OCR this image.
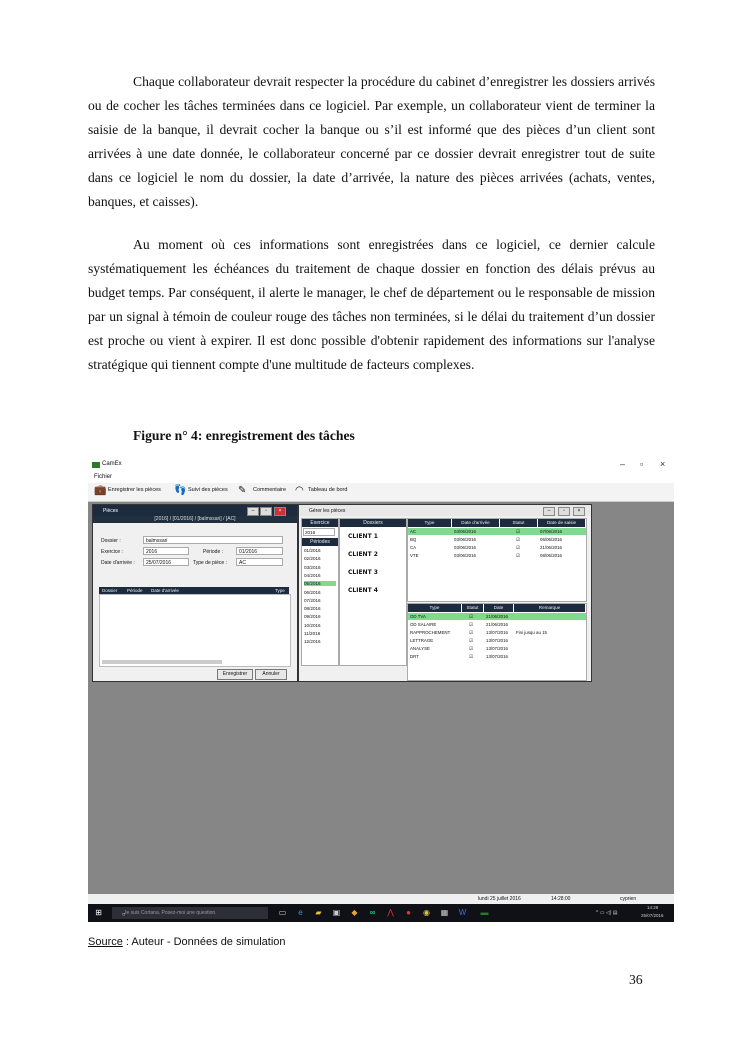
Chaque collaborateur devrait respecter la procédure du cabinet d’enregistrer les dossiers arrivés ou de cocher les tâches terminées dans ce logiciel. Par exemple, un collaborateur vient de terminer la saisie de la banque, il devrait cocher la banque ou s’il est informé que des pièces d’un client sont arrivées à une date donnée, le collaborateur concerné par ce dossier devrait enregistrer tout de suite dans ce logiciel le nom du dossier, la date d’arrivée, la nature des pièces arrivées (achats, ventes, banques, et caisses).

Au moment où ces informations sont enregistrées dans ce logiciel, ce dernier calcule systématiquement les échéances du traitement de chaque dossier en fonction des délais prévus au budget temps. Par conséquent, il alerte le manager, le chef de département ou le responsable de mission par un signal à témoin de couleur rouge des tâches non terminées, si le délai du traitement d’un dossier est proche ou vient à expirer. Il est donc possible d'obtenir rapidement des informations sur l'analyse stratégique qui tiennent compte d'une multitude de facteurs complexes.

Figure n° 4: enregistrement des tâches
CamEx	– ▫ ×
Fichier
💼 Enregistrer les pièces 👣 Suivi des pièces ✎	Commentaire ◠ Tableau de bord
Pièces	–	▫	×
[2016] / [01/2016] / [balmssari] / [AC]
Dossier :	balmssari
Exercice :	2016	Période :	01/2016
Date d'arrivée :	25/07/2016	Type de pièce :	AC
Dossier Période Date d'arrivée	Type
Enregistrer	Annuler
Gérer les pièces	–	▫	×
Exercice
2016
Périodes
01/2016
02/2016
03/2016
04/2016
05/2016
06/2016
07/2016
08/2016
09/2016
10/2016
11/2016
12/2016
Dossiers
CLIENT 1
CLIENT 2
CLIENT 3
CLIENT 4
Type	Date d'arrivée	Statut	Date de saisie
AC	03/06/2016	☑	07/06/2016
BQ	03/06/2016	☑	06/06/2016
CA	03/06/2016	☑	21/06/2016
VTE	03/06/2016	☑	08/06/2016
Type	Statut	Date	Remarque
OD TVA	☑	21/06/2016
OD SALAIRE	☑	21/06/2016
RAPPROCHEMENT	☑	13/07/2016 Fini jusqu au 15
LETTRAGE	☑	13/07/2016
ANALYSE	☑	13/07/2016
DRT	☑	13/07/2016
lundi 25 juillet 2016	14:28:00	cyprien
⊞	Je suis Cortana. Posez-moi une question.
○	▭ e ▰ ▣ ◆ ∞ ⋀ ● ◉ ▦ W ▬	^ ▭ ◁) ▤
14:28
25/07/2016
Source : Auteur - Données de simulation
36
